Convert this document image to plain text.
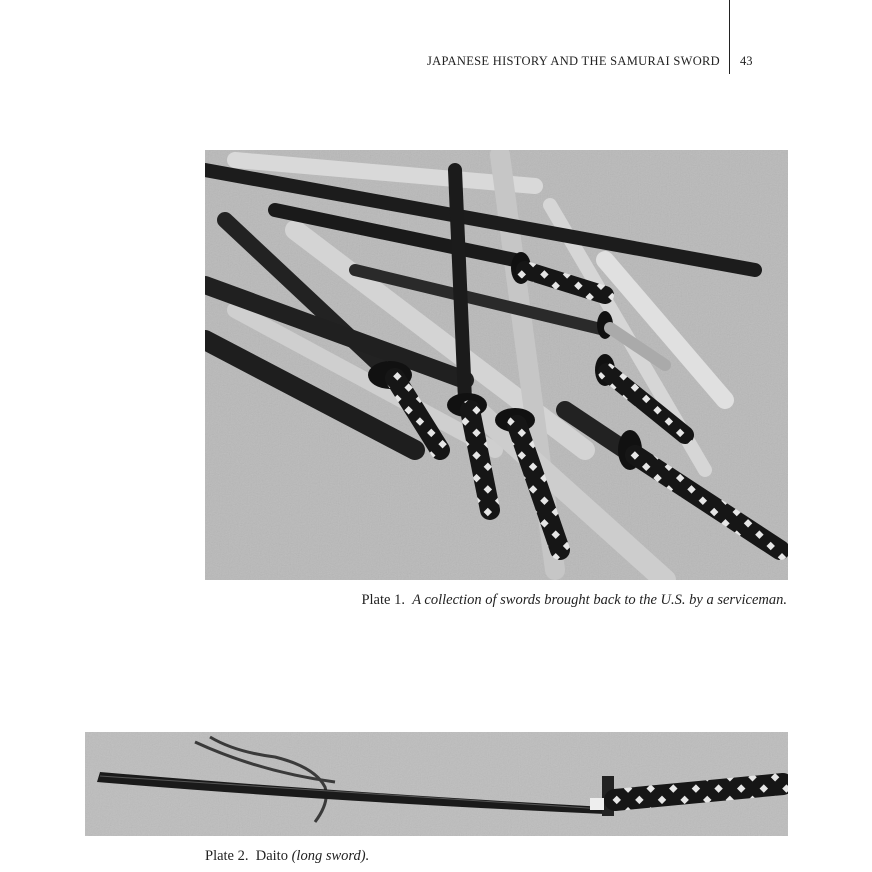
JAPANESE HISTORY AND THE SAMURAI SWORD 43
Plate 1. A collection of swords brought back to the U.S. by a serviceman.
Plate 2. Daito (long sword).
